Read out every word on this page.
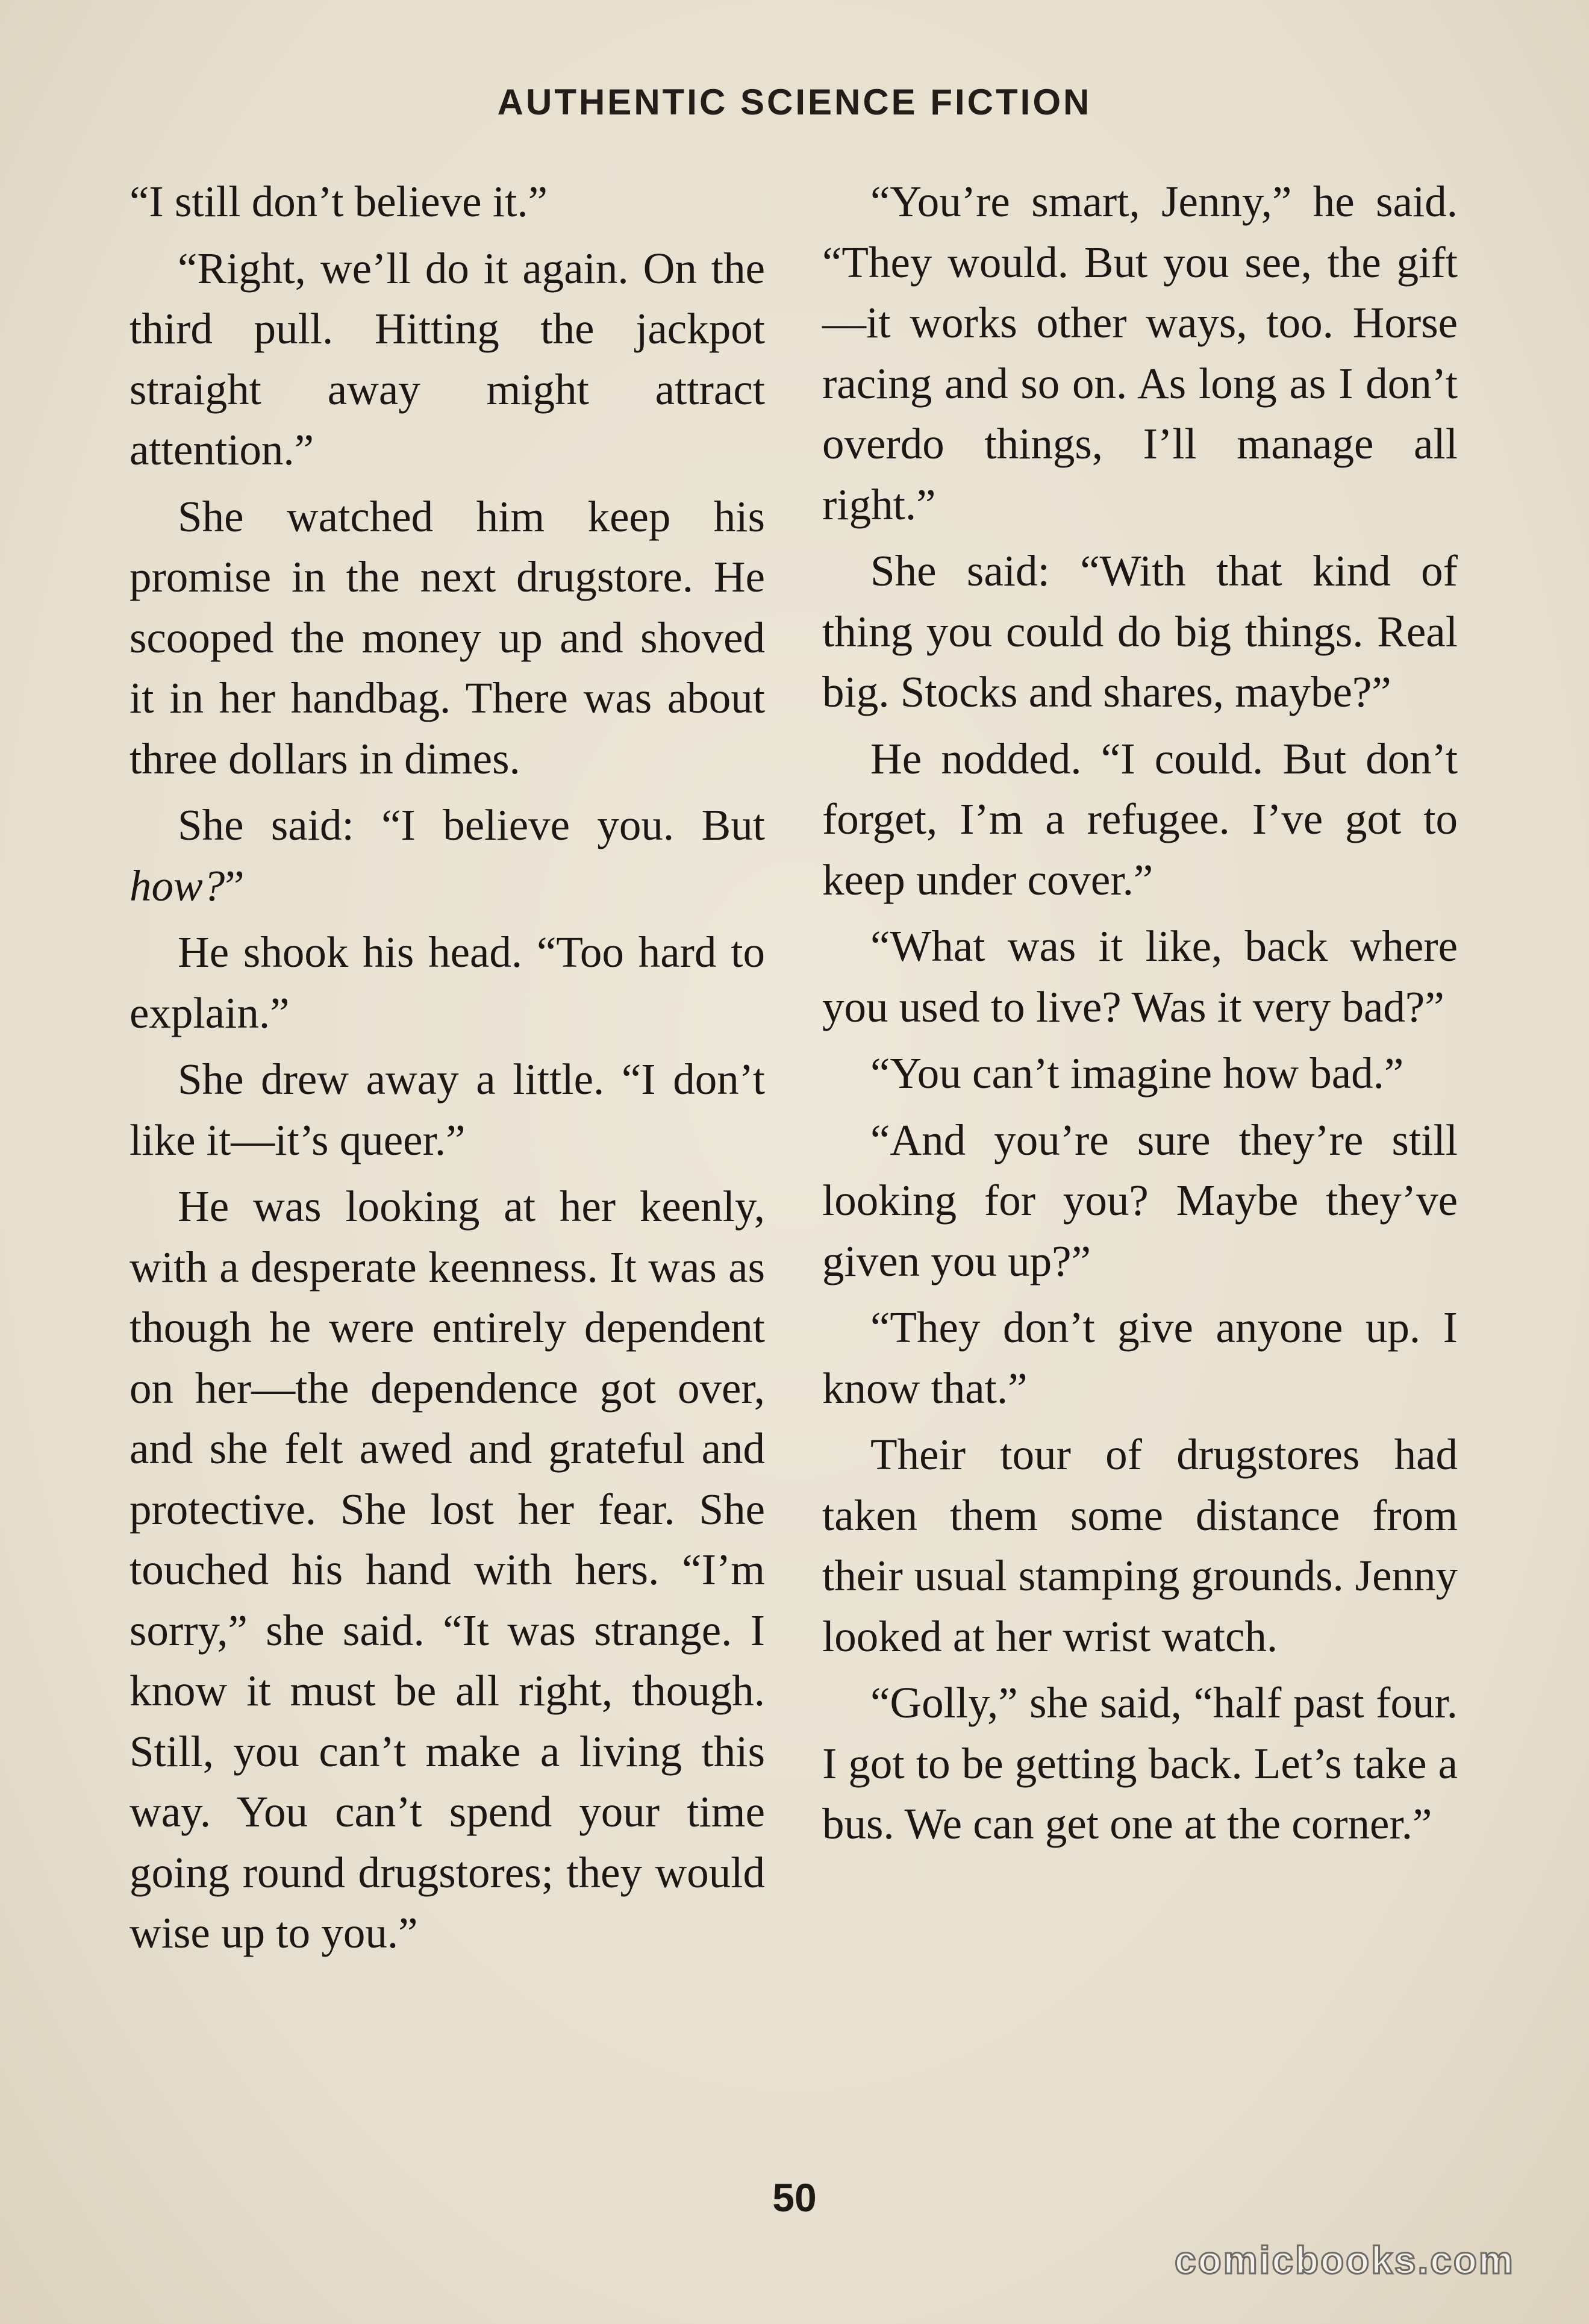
AUTHENTIC SCIENCE FICTION

“I still don’t believe it.”

“Right, we’ll do it again. On the third pull. Hitting the jackpot straight away might attract attention.”

She watched him keep his promise in the next drugstore. He scooped the money up and shoved it in her handbag. There was about three dollars in dimes.

She said: “I believe you. But how?”

He shook his head. “Too hard to explain.”

She drew away a little. “I don’t like it—it’s queer.”

He was looking at her keenly, with a desperate keenness. It was as though he were entirely dependent on her—the dependence got over, and she felt awed and grateful and protective. She lost her fear. She touched his hand with hers. “I’m sorry,” she said. “It was strange. I know it must be all right, though. Still, you can’t make a living this way. You can’t spend your time going round drugstores; they would wise up to you.”

“You’re smart, Jenny,” he said. “They would. But you see, the gift—it works other ways, too. Horse racing and so on. As long as I don’t overdo things, I’ll manage all right.”

She said: “With that kind of thing you could do big things. Real big. Stocks and shares, maybe?”

He nodded. “I could. But don’t forget, I’m a refugee. I’ve got to keep under cover.”

“What was it like, back where you used to live? Was it very bad?”

“You can’t imagine how bad.”

“And you’re sure they’re still looking for you? Maybe they’ve given you up?”

“They don’t give anyone up. I know that.”

Their tour of drugstores had taken them some distance from their usual stamping grounds. Jenny looked at her wrist watch.

“Golly,” she said, “half past four. I got to be getting back. Let’s take a bus. We can get one at the corner.”

50
comicbooks.com
